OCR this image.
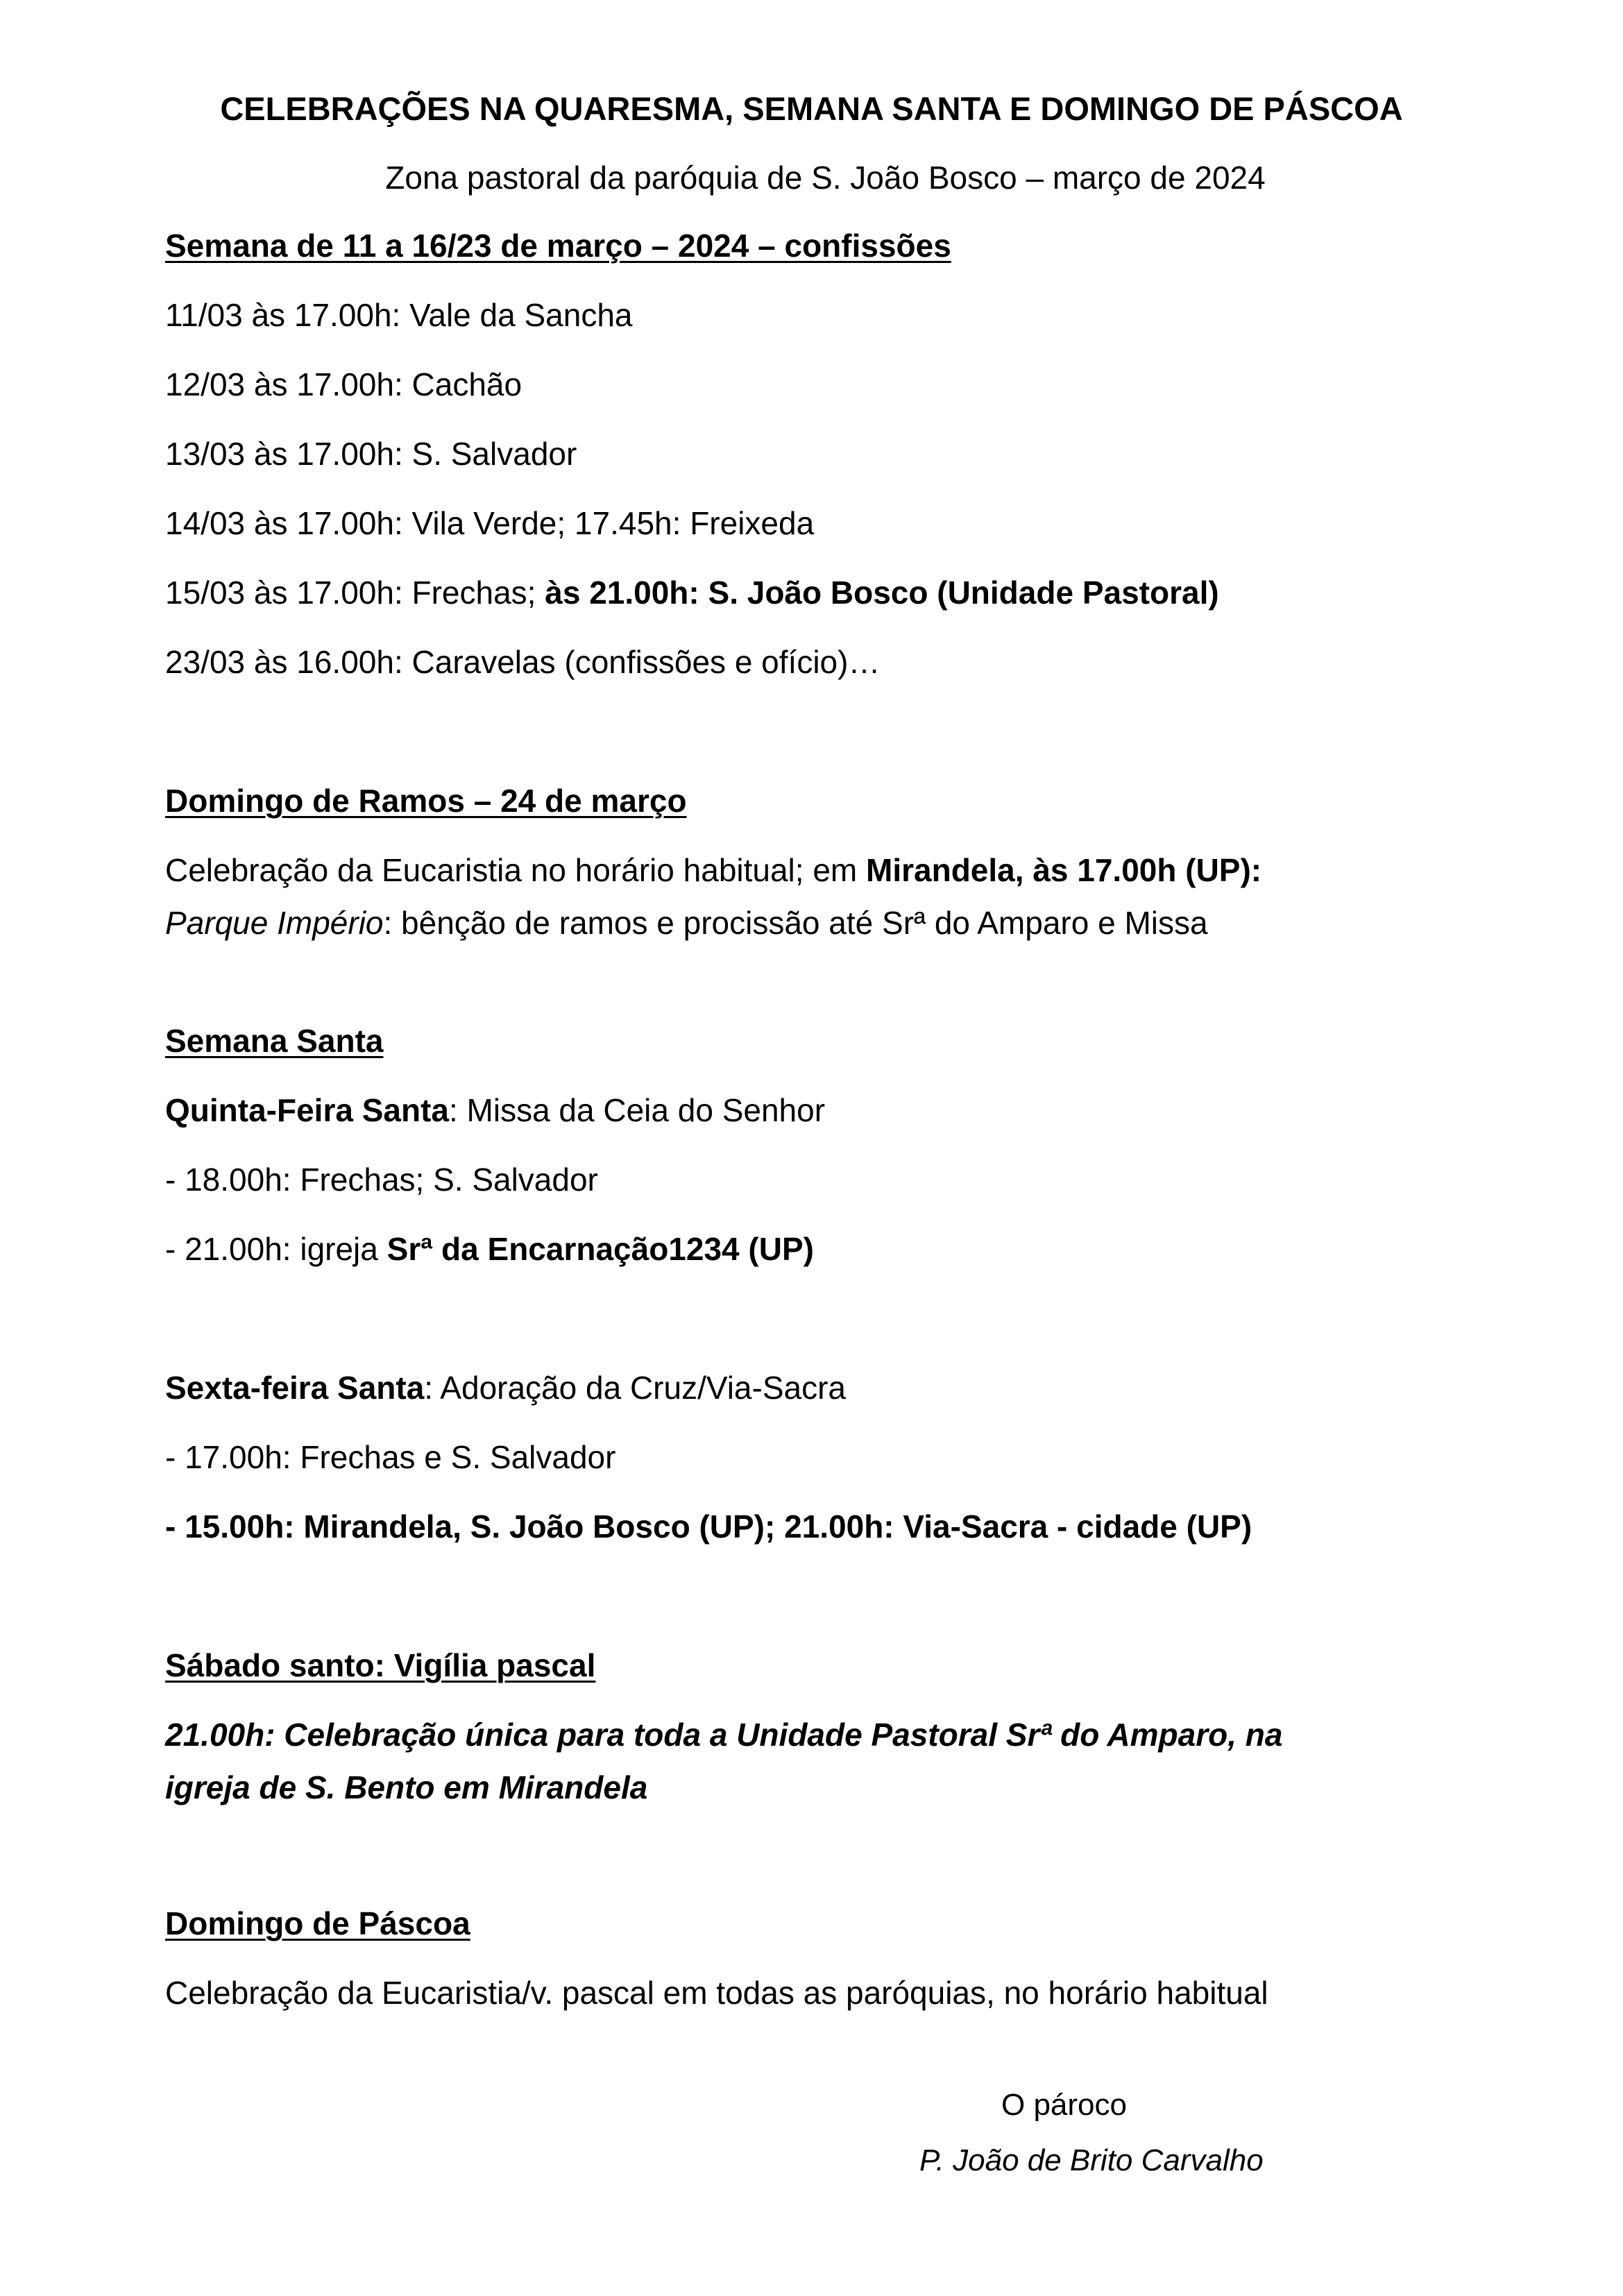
CELEBRAÇÕES NA QUARESMA, SEMANA SANTA E DOMINGO DE PÁSCOA
Zona pastoral da paróquia de S. João Bosco – março de 2024
Semana de 11 a 16/23 de março – 2024 – confissões
11/03 às 17.00h: Vale da Sancha
12/03 às 17.00h: Cachão
13/03 às 17.00h: S. Salvador
14/03 às 17.00h: Vila Verde; 17.45h: Freixeda
15/03 às 17.00h: Frechas; às 21.00h: S. João Bosco (Unidade Pastoral)
23/03 às 16.00h: Caravelas (confissões e ofício)…
Domingo de Ramos – 24 de março
Celebração da Eucaristia no horário habitual; em Mirandela, às 17.00h (UP):
Parque Império: bênção de ramos e procissão até Srª do Amparo e Missa
Semana Santa
Quinta-Feira Santa: Missa da Ceia do Senhor
- 18.00h: Frechas; S. Salvador
- 21.00h: igreja Srª da Encarnação1234 (UP)
Sexta-feira Santa: Adoração da Cruz/Via-Sacra
- 17.00h: Frechas e S. Salvador
- 15.00h: Mirandela, S. João Bosco (UP); 21.00h: Via-Sacra - cidade (UP)
Sábado santo: Vigília pascal
21.00h: Celebração única para toda a Unidade Pastoral Srª do Amparo, na
igreja de S. Bento em Mirandela
Domingo de Páscoa
Celebração da Eucaristia/v. pascal em todas as paróquias, no horário habitual
O pároco
P. João de Brito Carvalho
